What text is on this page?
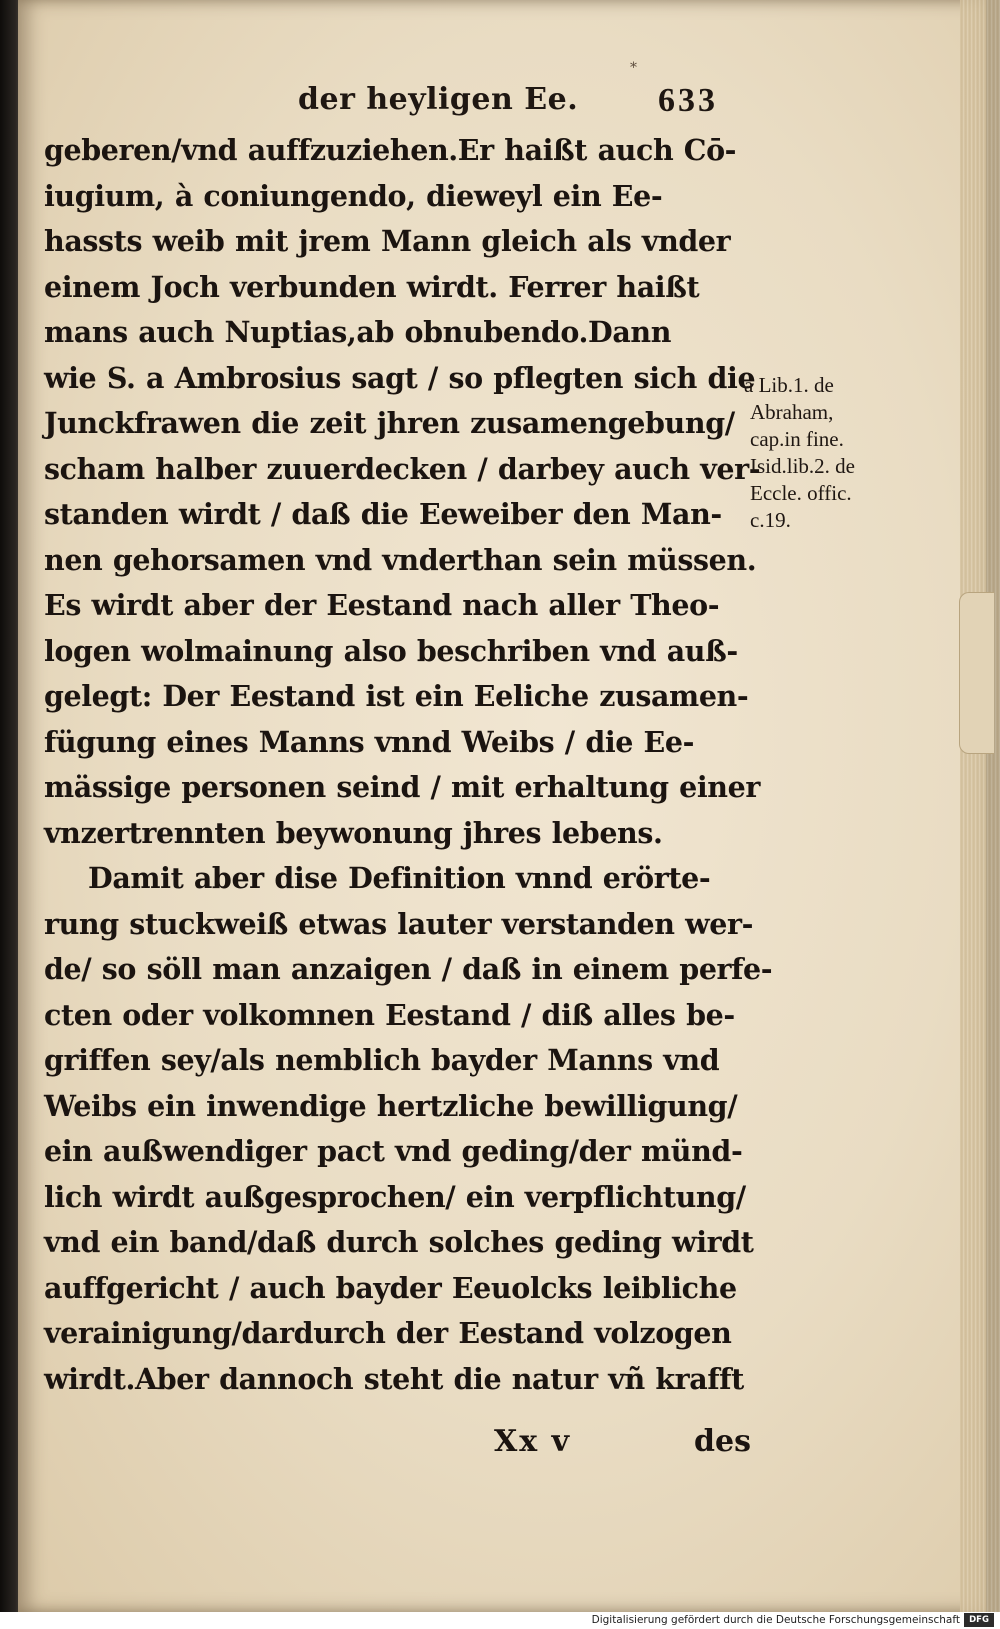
*
der heyligen Ee. 633
geberen/vnd auffzuziehen.Er haißt auch Cō-
iugium, à coniungendo, dieweyl ein Ee-
hassts weib mit jrem Mann gleich als vnder
einem Joch verbunden wirdt. Ferrer haißt
mans auch Nuptias,ab obnubendo.Dann
wie S. a Ambrosius sagt / so pflegten sich die
Junckfrawen die zeit jhren zusamengebung/
scham halber zuuerdecken / darbey auch ver-
standen wirdt / daß die Eeweiber den Man-
nen gehorsamen vnd vnderthan sein müssen.
Es wirdt aber der Eestand nach aller Theo-
logen wolmainung also beschriben vnd auß-
gelegt: Der Eestand ist ein Eeliche zusamen-
fügung eines Manns vnnd Weibs / die Ee-
mässige personen seind / mit erhaltung einer
vnzertrennten beywonung jhres lebens.
Damit aber dise Definition vnnd erörte-
rung stuckweiß etwas lauter verstanden wer-
de/ so söll man anzaigen / daß in einem perfe-
cten oder volkomnen Eestand / diß alles be-
griffen sey/als nemblich bayder Manns vnd
Weibs ein inwendige hertzliche bewilligung/
ein außwendiger pact vnd geding/der münd-
lich wirdt außgesprochen/ ein verpflichtung/
vnd ein band/daß durch solches geding wirdt
auffgericht / auch bayder Eeuolcks leibliche
verainigung/dardurch der Eestand volzogen
wirdt.Aber dannoch steht die natur vñ krafft
a Lib.1. de
Abraham,
cap.in fine.
Isid.lib.2. de
Eccle. offic.
c.19.
Xx v	des
Digitalisierung gefördert durch die Deutsche Forschungsgemeinschaft	DFG
